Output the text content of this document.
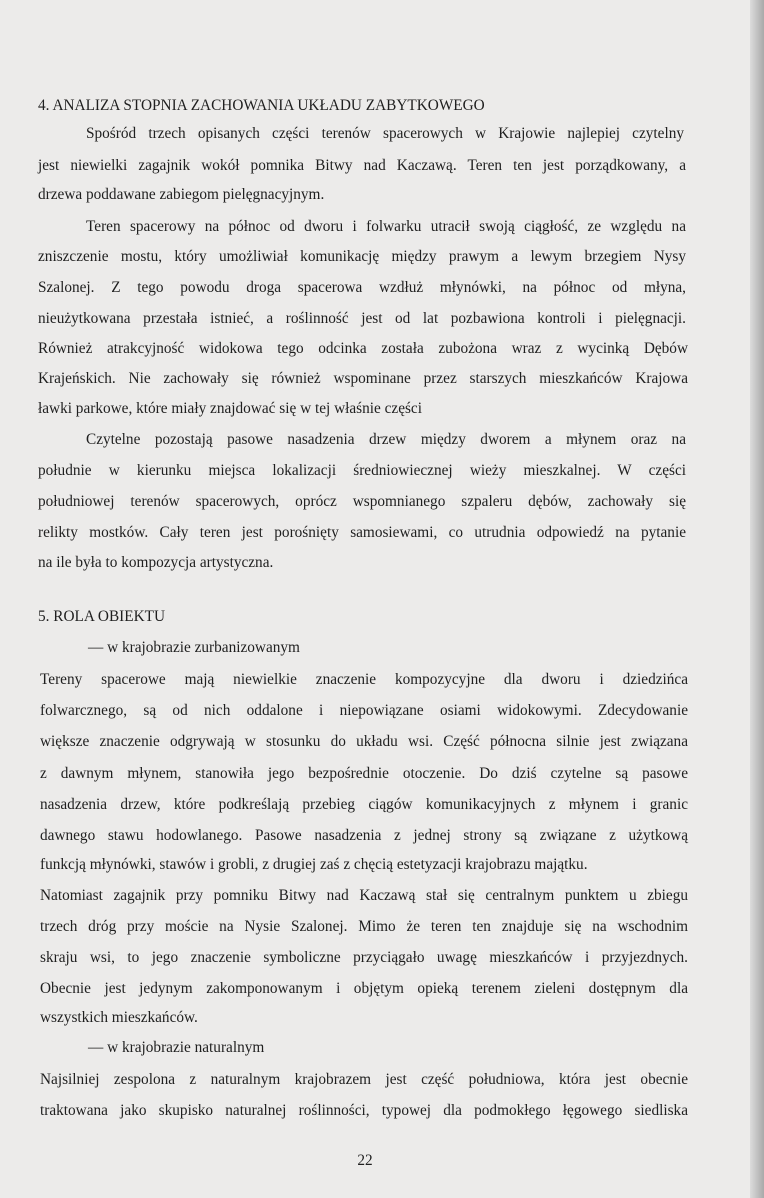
4. ANALIZA STOPNIA ZACHOWANIA UKŁADU ZABYTKOWEGO
Spośród trzech opisanych części terenów spacerowych w Krajowie najlepiej czytelny
jest niewielki zagajnik wokół pomnika Bitwy nad Kaczawą. Teren ten jest porządkowany, a
drzewa poddawane zabiegom pielęgnacyjnym.
Teren spacerowy na północ od dworu i folwarku utracił swoją ciągłość, ze względu na
zniszczenie mostu, który umożliwiał komunikację między prawym a lewym brzegiem Nysy
Szalonej. Z tego powodu droga spacerowa wzdłuż młynówki, na północ od młyna,
nieużytkowana przestała istnieć, a roślinność jest od lat pozbawiona kontroli i pielęgnacji.
Również atrakcyjność widokowa tego odcinka została zubożona wraz z wycinką Dębów
Krajeńskich. Nie zachowały się również wspominane przez starszych mieszkańców Krajowa
ławki parkowe, które miały znajdować się w tej właśnie części
Czytelne pozostają pasowe nasadzenia drzew między dworem a młynem oraz na
południe w kierunku miejsca lokalizacji średniowiecznej wieży mieszkalnej. W części
południowej terenów spacerowych, oprócz wspomnianego szpaleru dębów, zachowały się
relikty mostków. Cały teren jest porośnięty samosiewami, co utrudnia odpowiedź na pytanie
na ile była to kompozycja artystyczna.
5. ROLA OBIEKTU
— w krajobrazie zurbanizowanym
Tereny spacerowe mają niewielkie znaczenie kompozycyjne dla dworu i dziedzińca
folwarcznego, są od nich oddalone i niepowiązane osiami widokowymi. Zdecydowanie
większe znaczenie odgrywają w stosunku do układu wsi. Część północna silnie jest związana
z dawnym młynem, stanowiła jego bezpośrednie otoczenie. Do dziś czytelne są pasowe
nasadzenia drzew, które podkreślają przebieg ciągów komunikacyjnych z młynem i granic
dawnego stawu hodowlanego. Pasowe nasadzenia z jednej strony są związane z użytkową
funkcją młynówki, stawów i grobli, z drugiej zaś z chęcią estetyzacji krajobrazu majątku.
Natomiast zagajnik przy pomniku Bitwy nad Kaczawą stał się centralnym punktem u zbiegu
trzech dróg przy moście na Nysie Szalonej. Mimo że teren ten znajduje się na wschodnim
skraju wsi, to jego znaczenie symboliczne przyciągało uwagę mieszkańców i przyjezdnych.
Obecnie jest jedynym zakomponowanym i objętym opieką terenem zieleni dostępnym dla
wszystkich mieszkańców.
— w krajobrazie naturalnym
Najsilniej zespolona z naturalnym krajobrazem jest część południowa, która jest obecnie
traktowana jako skupisko naturalnej roślinności, typowej dla podmokłego łęgowego siedliska
22
